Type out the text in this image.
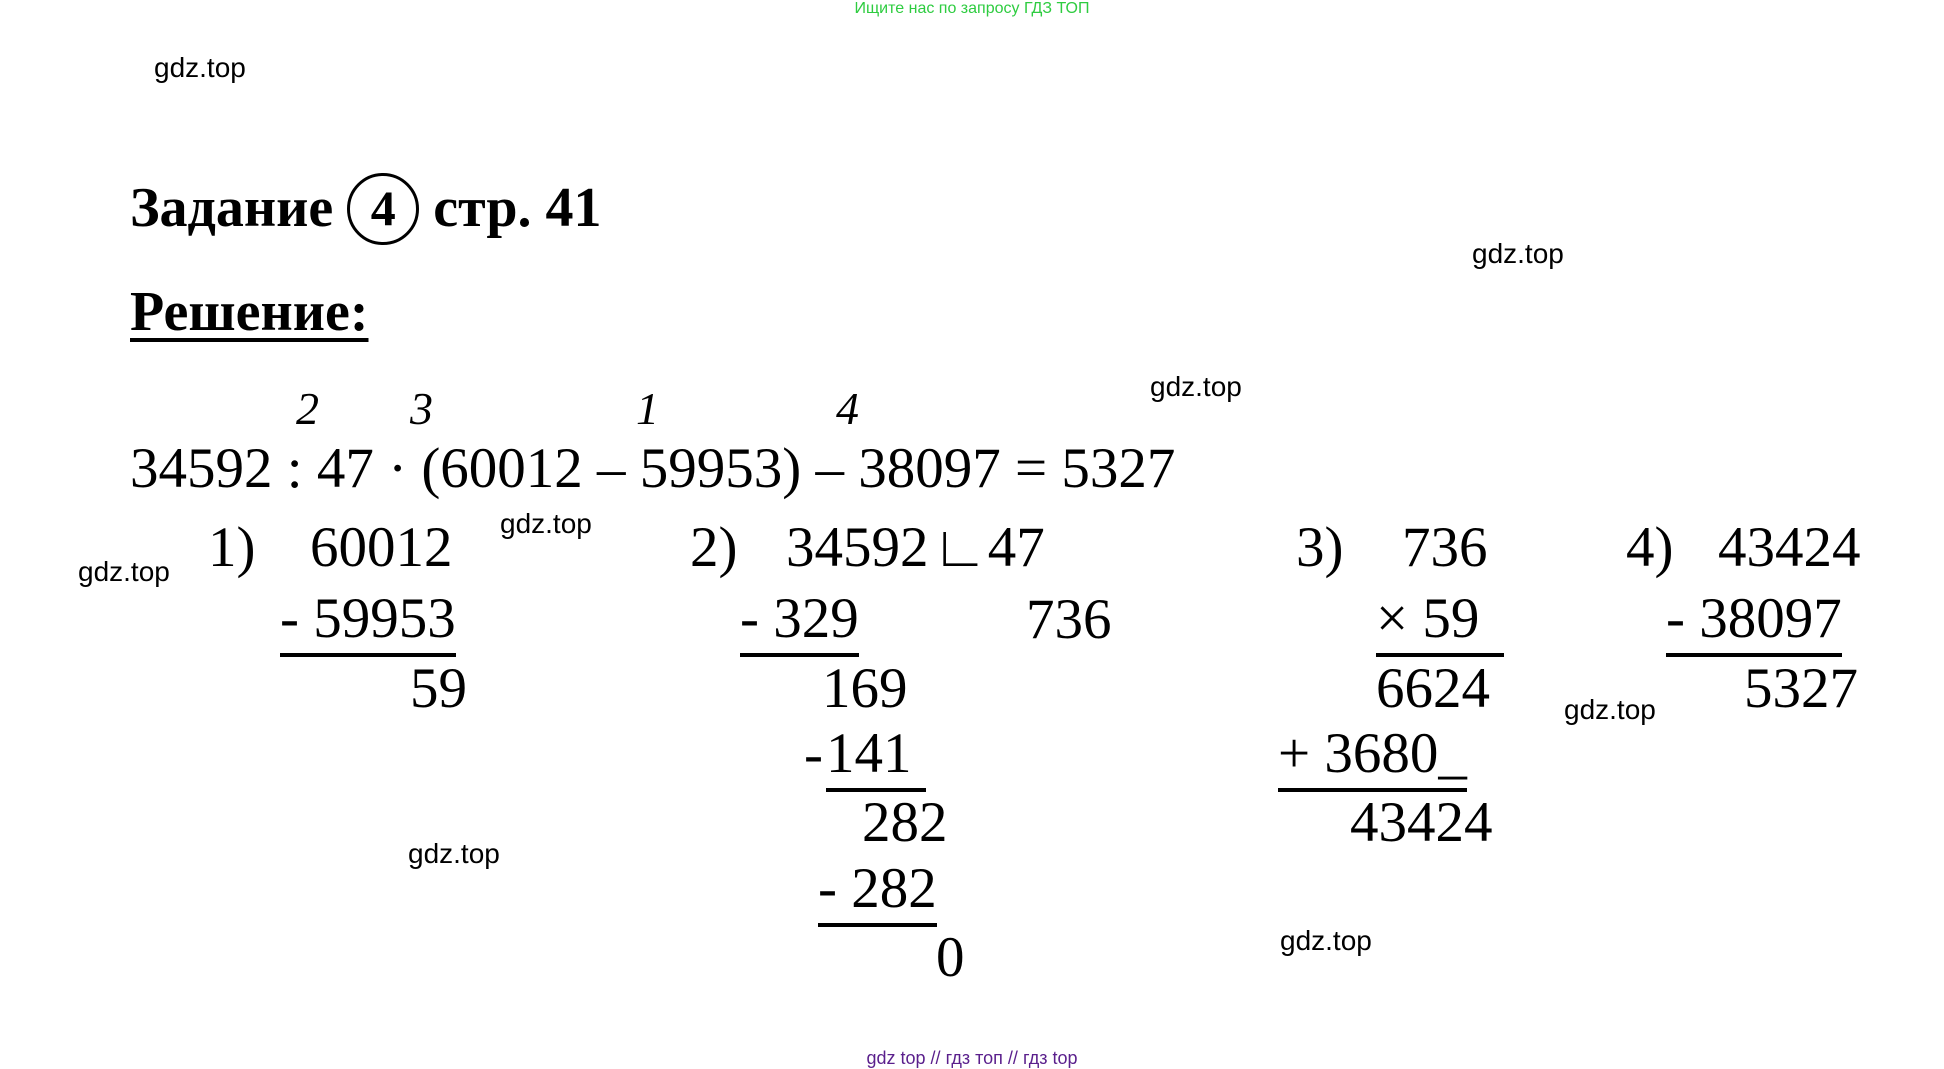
Ищите нас по запросу ГДЗ ТОП
gdz.top
gdz.top
gdz.top
gdz.top
gdz.top
gdz.top
gdz.top
gdz.top
Задание 4 стр. 41
Решение:
2 3	1	4
34592 : 47 · (60012 – 59953) – 38097 = 5327
1) 60012
- 59953
59
2) 34592 ∟47
736
- 329
169
- 141
282
- 282
0
3) 736
× 59
6624
+ 3680_
43424
4) 43424
- 38097
5327
gdz top // гдз топ // гдз top
